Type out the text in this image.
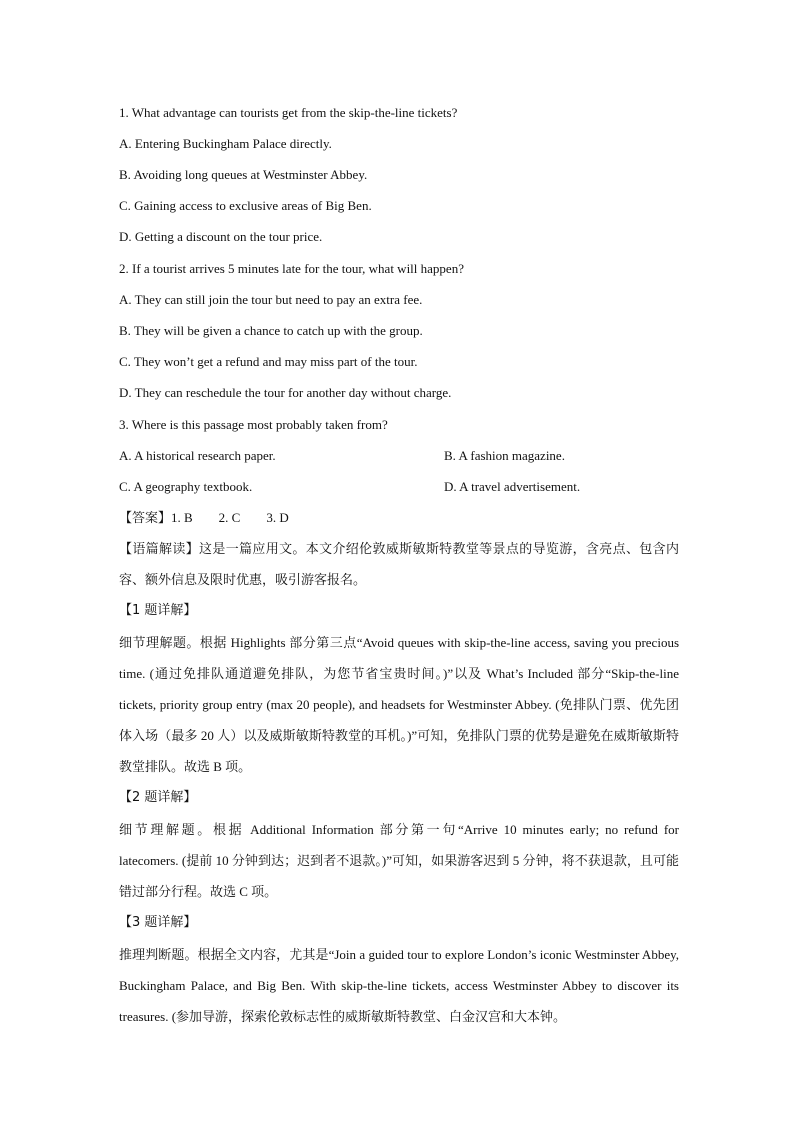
1. What advantage can tourists get from the skip-the-line tickets?
A. Entering Buckingham Palace directly.
B. Avoiding long queues at Westminster Abbey.
C. Gaining access to exclusive areas of Big Ben.
D. Getting a discount on the tour price.
2. If a tourist arrives 5 minutes late for the tour, what will happen?
A. They can still join the tour but need to pay an extra fee.
B. They will be given a chance to catch up with the group.
C. They won’t get a refund and may miss part of the tour.
D. They can reschedule the tour for another day without charge.
3. Where is this passage most probably taken from?
A. A historical research paper.	B. A fashion magazine.
C. A geography textbook.	D. A travel advertisement.
【答案】1. B        2. C        3. D
【语篇解读】这是一篇应用文。本文介绍伦敦威斯敏斯特教堂等景点的导览游，含亮点、包含内容、额外信息及限时优惠，吸引游客报名。
【1 题详解】
细节理解题。根据 Highlights 部分第三点“Avoid queues with skip-the-line access, saving you precious time. (通过免排队通道避免排队，为您节省宝贵时间。)”以及 What’s Included 部分“Skip-the-line tickets, priority group entry (max 20 people), and headsets for Westminster Abbey. (免排队门票、优先团体入场（最多 20 人）以及威斯敏斯特教堂的耳机。)”可知，免排队门票的优势是避免在威斯敏斯特教堂排队。故选 B 项。
【2 题详解】
细节理解题。根据 Additional Information 部分第一句“Arrive 10 minutes early; no refund for latecomers. (提前 10 分钟到达；迟到者不退款。)”可知，如果游客迟到 5 分钟，将不获退款，且可能错过部分行程。故选 C 项。
【3 题详解】
推理判断题。根据全文内容，尤其是“Join a guided tour to explore London’s iconic Westminster Abbey, Buckingham Palace, and Big Ben. With skip-the-line tickets, access Westminster Abbey to discover its treasures. (参加导游，探索伦敦标志性的威斯敏斯特教堂、白金汉宫和大本钟。
